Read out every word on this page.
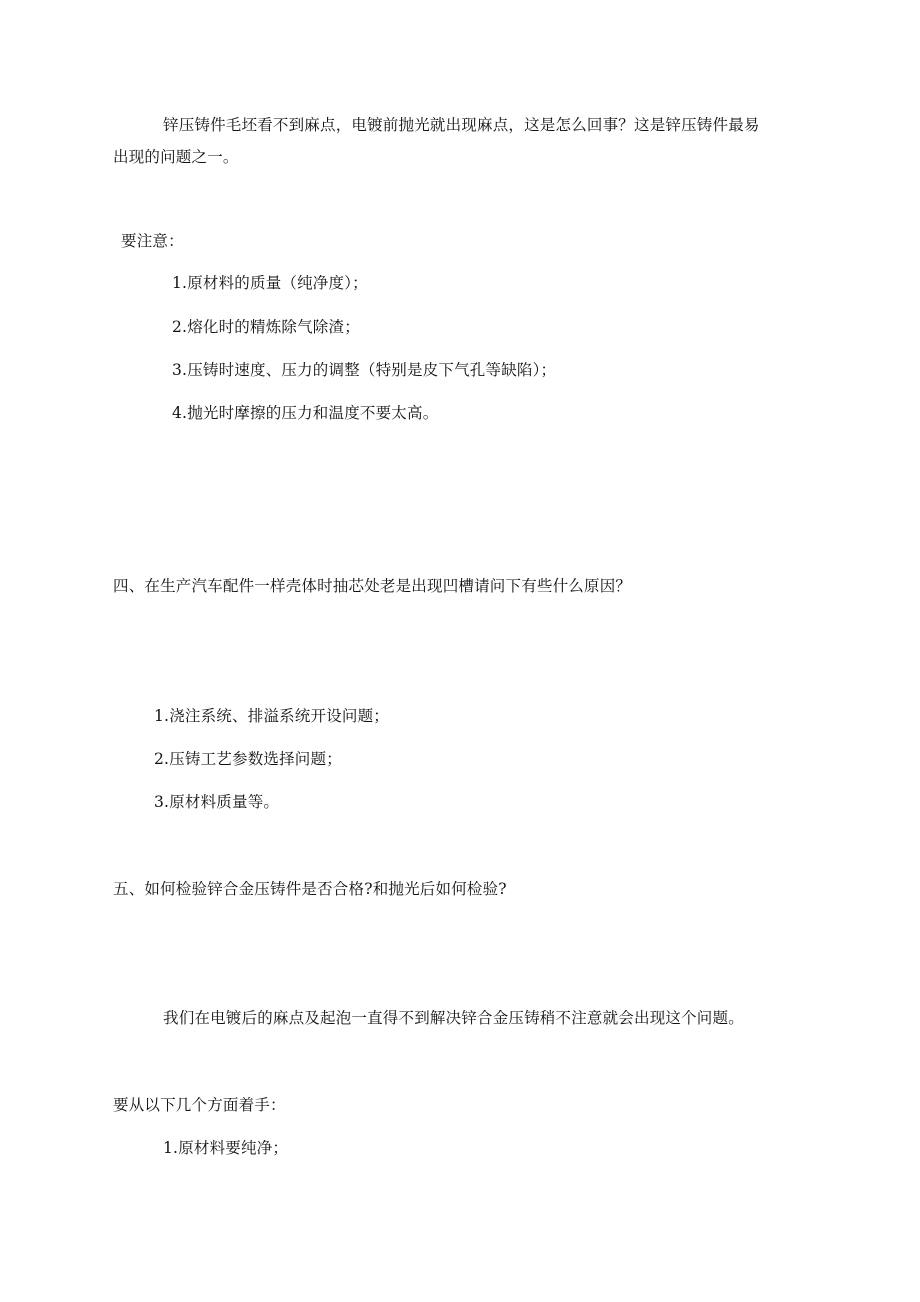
锌压铸件毛坯看不到麻点，电镀前抛光就出现麻点，这是怎么回事？这是锌压铸件最易
出现的问题之一。
要注意：
1.原材料的质量（纯净度）；
2.熔化时的精炼除气除渣；
3.压铸时速度、压力的调整（特别是皮下气孔等缺陷）；
4.抛光时摩擦的压力和温度不要太高。
四、在生产汽车配件一样壳体时抽芯处老是出现凹槽请问下有些什么原因？
1.浇注系统、排溢系统开设问题；
2.压铸工艺参数选择问题；
3.原材料质量等。
五、如何检验锌合金压铸件是否合格?和抛光后如何检验?
我们在电镀后的麻点及起泡一直得不到解决锌合金压铸稍不注意就会出现这个问题。
要从以下几个方面着手：
1.原材料要纯净；
